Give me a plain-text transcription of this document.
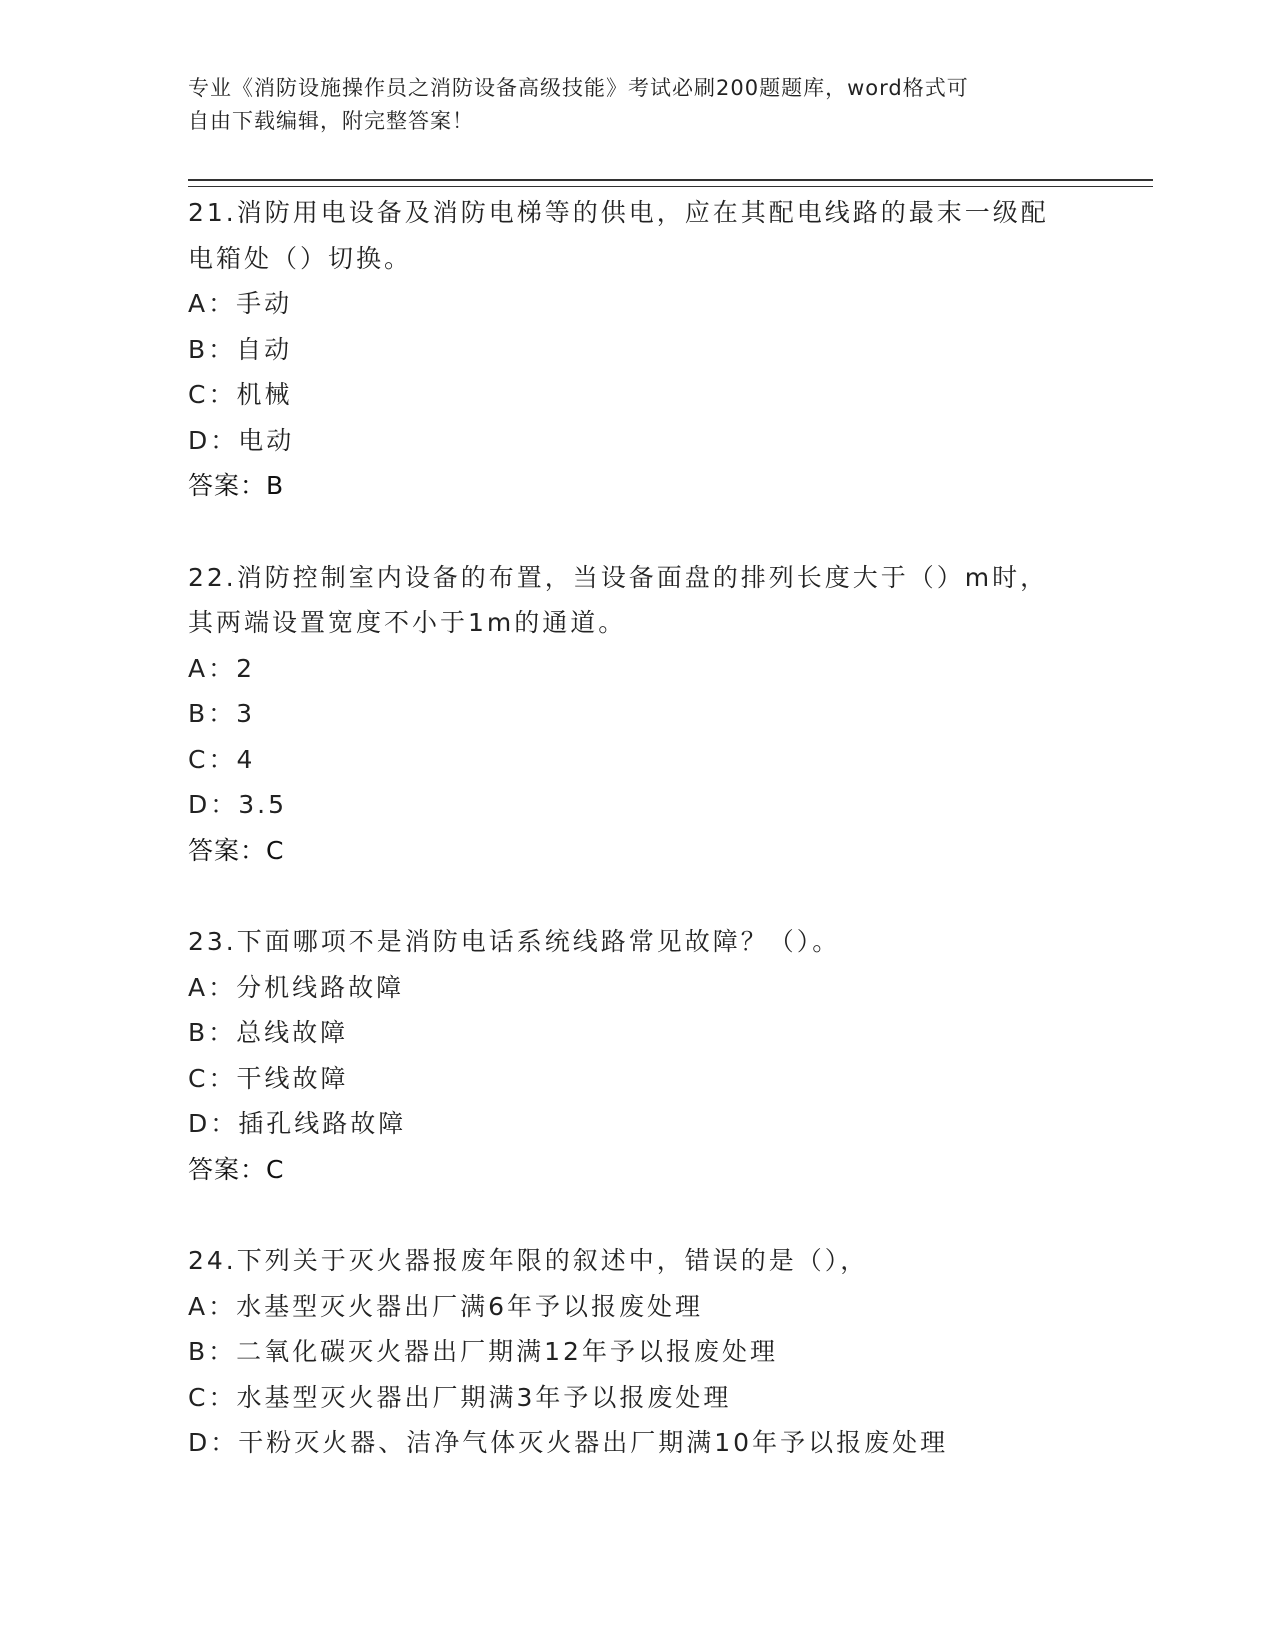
专业《消防设施操作员之消防设备高级技能》考试必刷200题题库，word格式可
自由下载编辑，附完整答案！
21.消防用电设备及消防电梯等的供电，应在其配电线路的最末一级配
电箱处（）切换。
A：手动
B：自动
C：机械
D：电动
答案：B
22.消防控制室内设备的布置，当设备面盘的排列长度大于（）m时，
其两端设置宽度不小于1m的通道。
A：2
B：3
C：4
D：3.5
答案：C
23.下面哪项不是消防电话系统线路常见故障？（）。
A：分机线路故障
B：总线故障
C：干线故障
D：插孔线路故障
答案：C
24.下列关于灭火器报废年限的叙述中，错误的是（），
A：水基型灭火器出厂满6年予以报废处理
B：二氧化碳灭火器出厂期满12年予以报废处理
C：水基型灭火器出厂期满3年予以报废处理
D：干粉灭火器、洁净气体灭火器出厂期满10年予以报废处理
